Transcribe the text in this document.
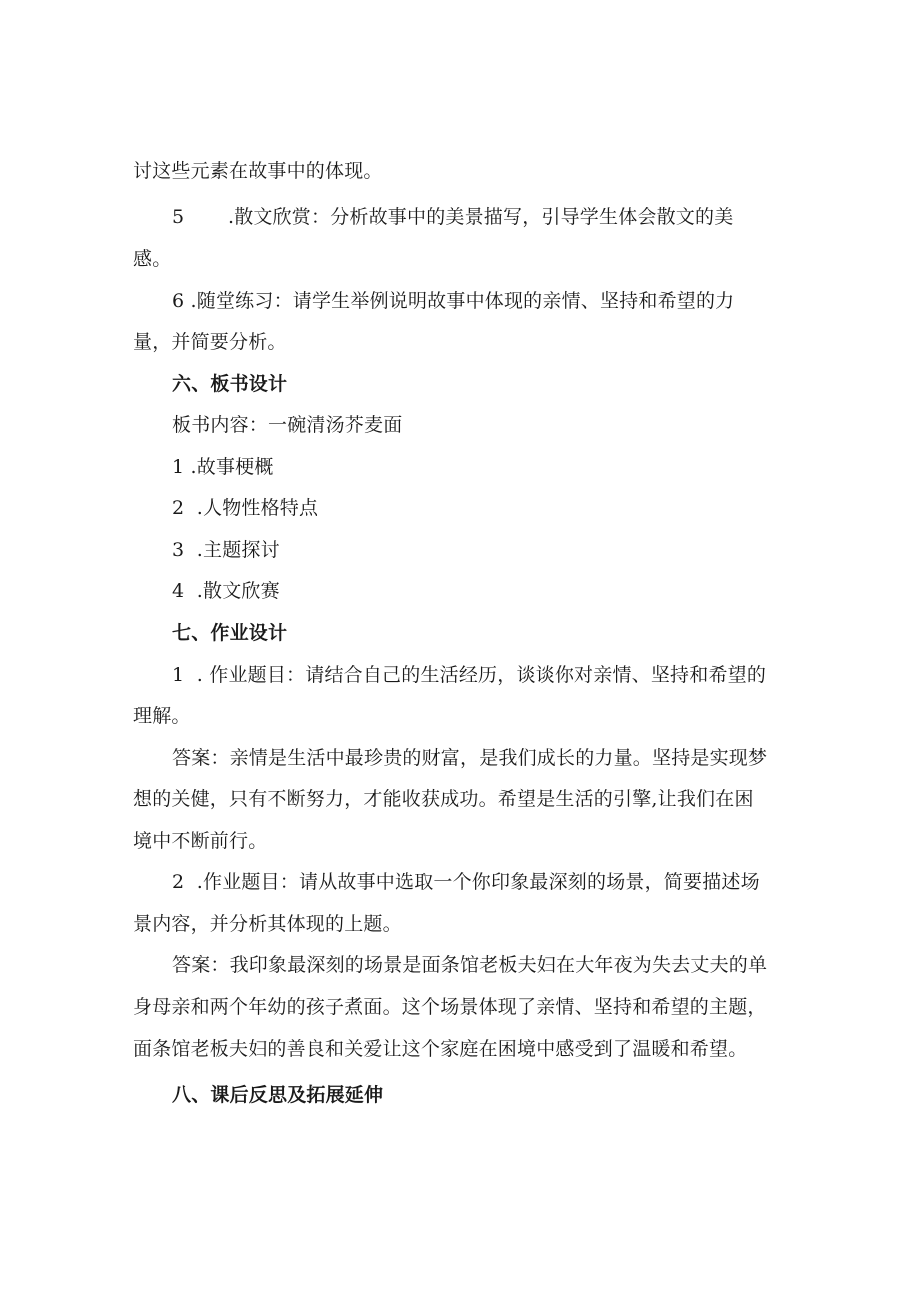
讨这些元素在故事中的体现。
5       .散文欣赏：分析故事中的美景描写，引导学生体会散文的美
感。
6 .随堂练习：请学生举例说明故事中体现的亲情、坚持和希望的力
量，并简要分析。
六、板书设计
板书内容：一碗清汤芥麦面
1 .故事梗概
2  .人物性格特点
3  .主题探讨
4  .散文欣赛
七、作业设计
1  . 作业题目：请结合自己的生活经历，谈谈你对亲情、坚持和希望的
理解。
答案：亲情是生活中最珍贵的财富，是我们成长的力量。坚持是实现梦
想的关健，只有不断努力，才能收获成功。希望是生活的引擎,让我们在困
境中不断前行。
2  .作业题目：请从故事中选取一个你印象最深刻的场景，简要描述场
景内容，并分析其体现的上题。
答案：我印象最深刻的场景是面条馆老板夫妇在大年夜为失去丈夫的单
身母亲和两个年幼的孩子煮面。这个场景体现了亲情、坚持和希望的主题，
面条馆老板夫妇的善良和关爱让这个家庭在困境中感受到了温暖和希望。
八、课后反思及拓展延伸
